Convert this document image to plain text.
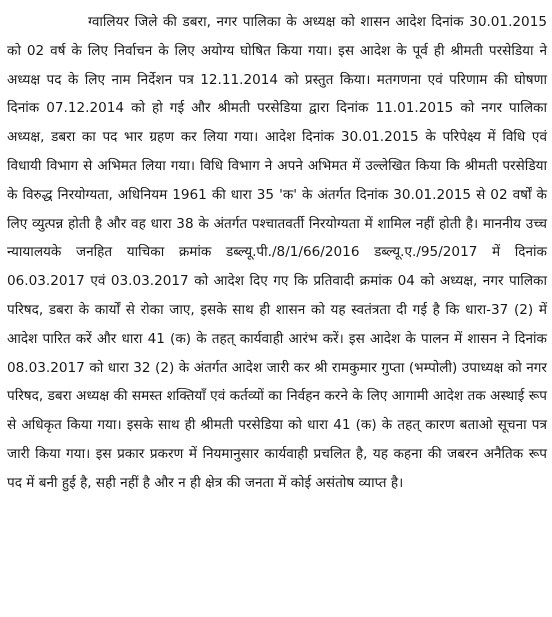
ग्वालियर जिले की डबरा, नगर पालिका के अध्यक्ष को शासन आदेश दिनांक 30.01.2015 को 02 वर्ष के लिए निर्वाचन के लिए अयोग्य घोषित किया गया। इस आदेश के पूर्व ही श्रीमती परसेडिया ने अध्यक्ष पद के लिए नाम निर्देशन पत्र 12.11.2014 को प्रस्तुत किया। मतगणना एवं परिणाम की घोषणा दिनांक 07.12.2014 को हो गई और श्रीमती परसेडिया द्वारा दिनांक 11.01.2015 को नगर पालिका अध्यक्ष, डबरा का पद भार ग्रहण कर लिया गया। आदेश दिनांक 30.01.2015 के परिपेक्ष्य में विधि एवं विधायी विभाग से अभिमत लिया गया। विधि विभाग ने अपने अभिमत में उल्लेखित किया कि श्रीमती परसेडिया के विरुद्ध निरयोग्यता, अधिनियम 1961 की धारा 35 'क' के अंतर्गत दिनांक 30.01.2015 से 02 वर्षों के लिए व्युत्पन्न होती है और वह धारा 38 के अंतर्गत पश्चातवर्ती निरयोग्यता में शामिल नहीं होती है। माननीय उच्च न्यायालयके जनहित याचिका क्रमांक डब्ल्यू.पी./8/1/66/2016 डब्ल्यू.ए./95/2017 में दिनांक 06.03.2017 एवं 03.03.2017 को आदेश दिए गए कि प्रतिवादी क्रमांक 04 को अध्यक्ष, नगर पालिका परिषद, डबरा के कार्यों से रोका जाए, इसके साथ ही शासन को यह स्वतंत्रता दी गई है कि धारा-37 (2) में आदेश पारित करें और धारा 41 (क) के तहत् कार्यवाही आरंभ करें। इस आदेश के पालन में शासन ने दिनांक 08.03.2017 को धारा 32 (2) के अंतर्गत आदेश जारी कर श्री रामकुमार गुप्ता (भम्पोली) उपाध्यक्ष को नगर परिषद, डबरा अध्यक्ष की समस्त शक्तियाँ एवं कर्तव्यों का निर्वहन करने के लिए आगामी आदेश तक अस्थाई रूप से अधिकृत किया गया। इसके साथ ही श्रीमती परसेडिया को धारा 41 (क) के तहत् कारण बताओ सूचना पत्र जारी किया गया। इस प्रकार प्रकरण में नियमानुसार कार्यवाही प्रचलित है, यह कहना की जबरन अनैतिक रूप पद में बनी हुई है, सही नहीं है और न ही क्षेत्र की जनता में कोई असंतोष व्याप्त है।
